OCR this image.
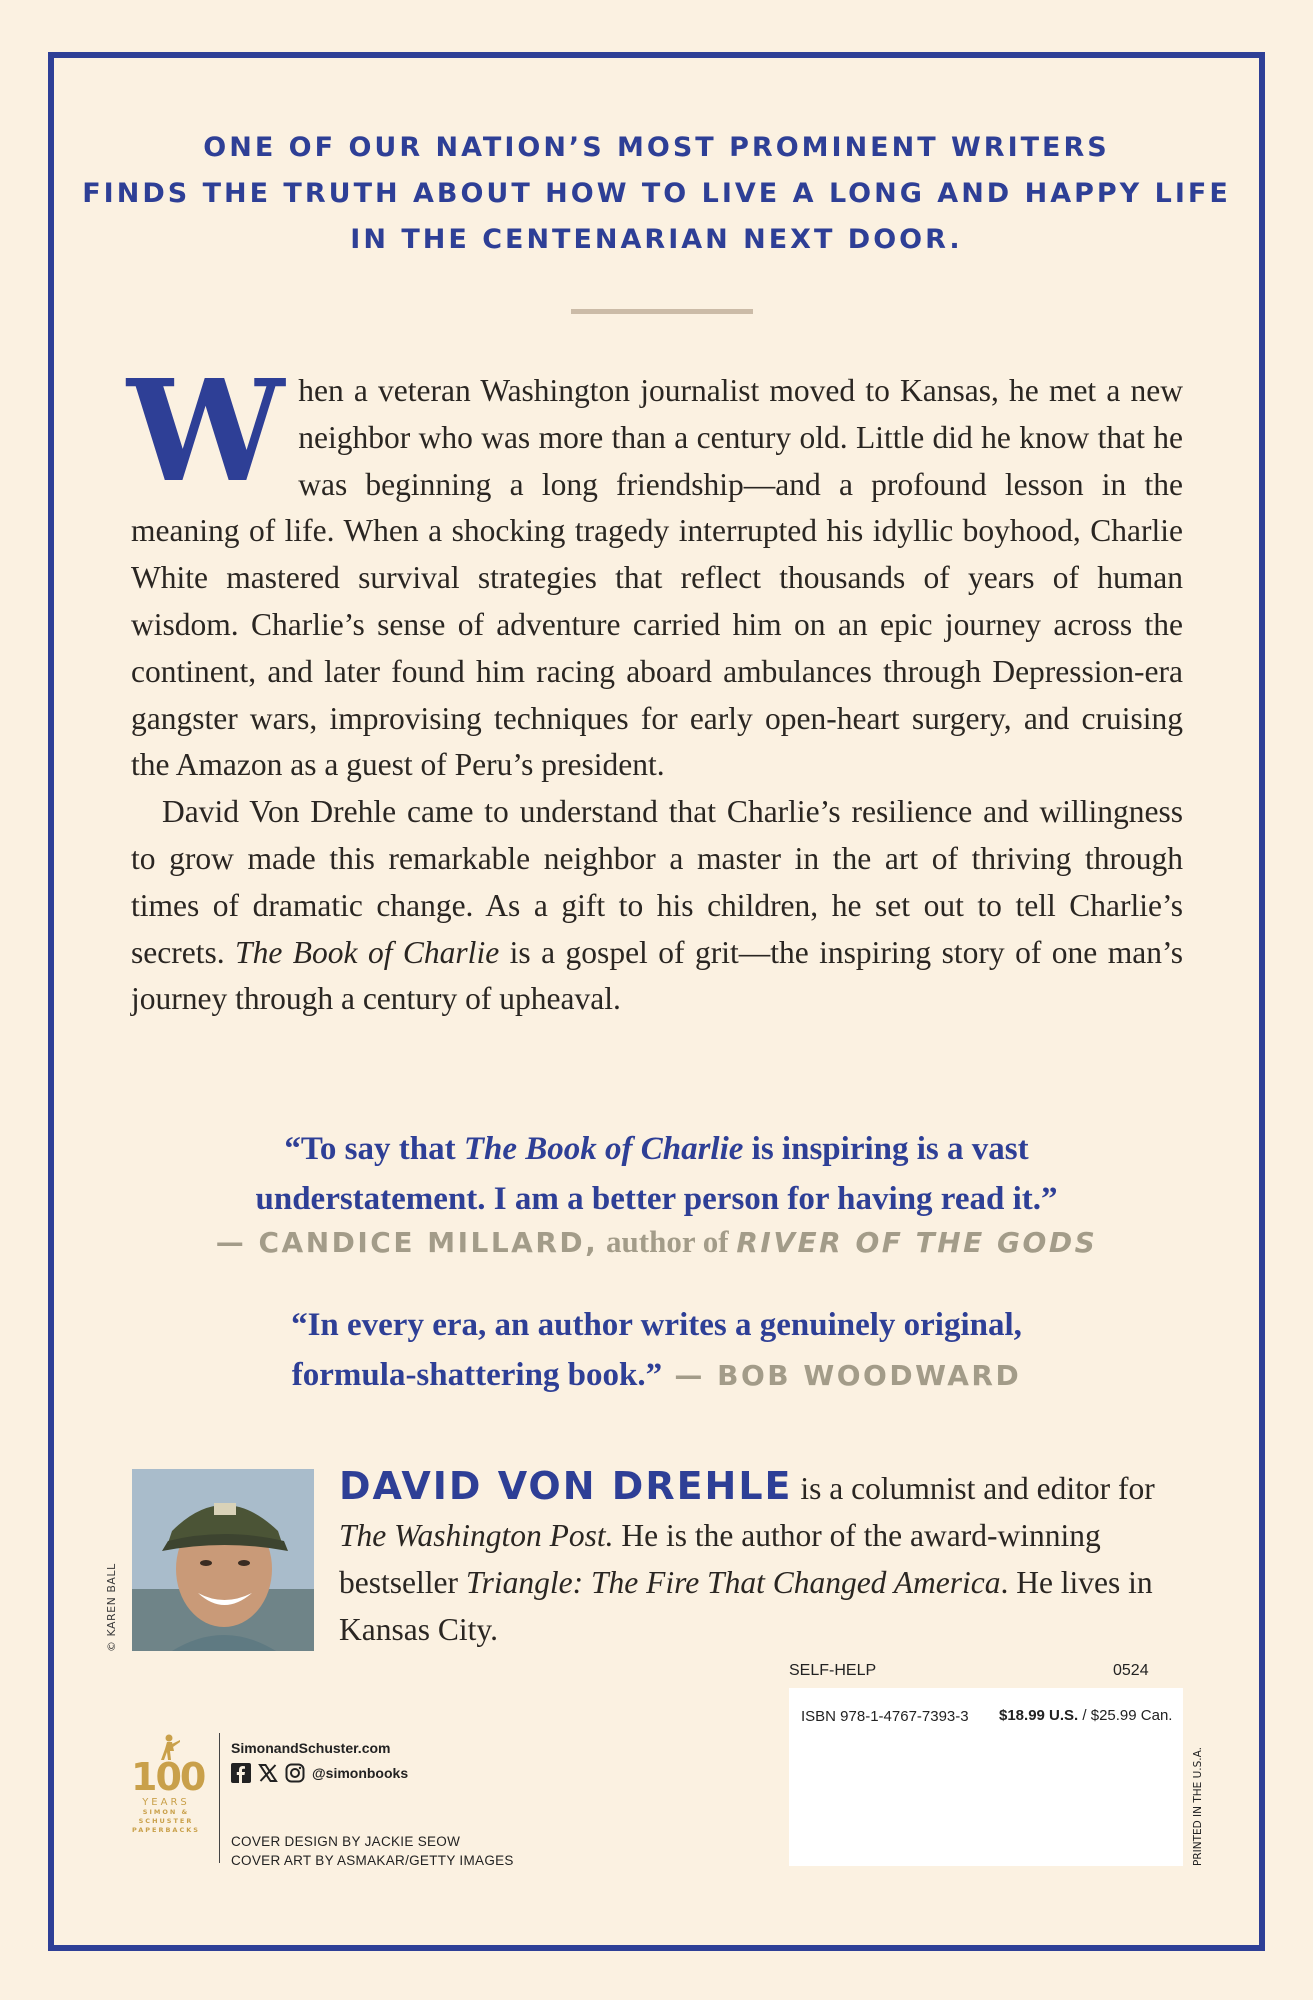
ONE OF OUR NATION’S MOST PROMINENT WRITERS
FINDS THE TRUTH ABOUT HOW TO LIVE A LONG AND HAPPY LIFE
IN THE CENTENARIAN NEXT DOOR.

When a veteran Washington journalist moved to Kansas, he met a new neighbor who was more than a century old. Little did he know that he was beginning a long friendship—and a profound lesson in the meaning of life. When a shocking tragedy interrupted his idyllic boyhood, Charlie White mastered survival strategies that reflect thousands of years of human wisdom. Charlie’s sense of adventure carried him on an epic journey across the continent, and later found him racing aboard ambulances through Depression-era gangster wars, improvising techniques for early open-heart surgery, and cruising the Amazon as a guest of Peru’s president.

David Von Drehle came to understand that Charlie’s resilience and willingness to grow made this remarkable neighbor a master in the art of thriving through times of dramatic change. As a gift to his children, he set out to tell Charlie’s secrets. The Book of Charlie is a gospel of grit—the inspiring story of one man’s journey through a century of upheaval.

“To say that The Book of Charlie is inspiring is a vast
understatement. I am a better person for having read it.”
— CANDICE MILLARD, author of RIVER OF THE GODS
“In every era, an author writes a genuinely original,
formula-shattering book.” — BOB WOODWARD
© KAREN BALL
DAVID VON DREHLE is a columnist and editor for The Washington Post. He is the author of the award-winning bestseller Triangle: The Fire That Changed America. He lives in Kansas City.
SELF-HELP	0524
ISBN 978-1-4767-7393-3 $18.99 U.S. / $25.99 Can.
PRINTED IN THE U.S.A.
100
YEARS
SIMON &
SCHUSTER
PAPERBACKS
SimonandSchuster.com
@simonbooks
COVER DESIGN BY JACKIE SEOW
COVER ART BY ASMAKAR/GETTY IMAGES
